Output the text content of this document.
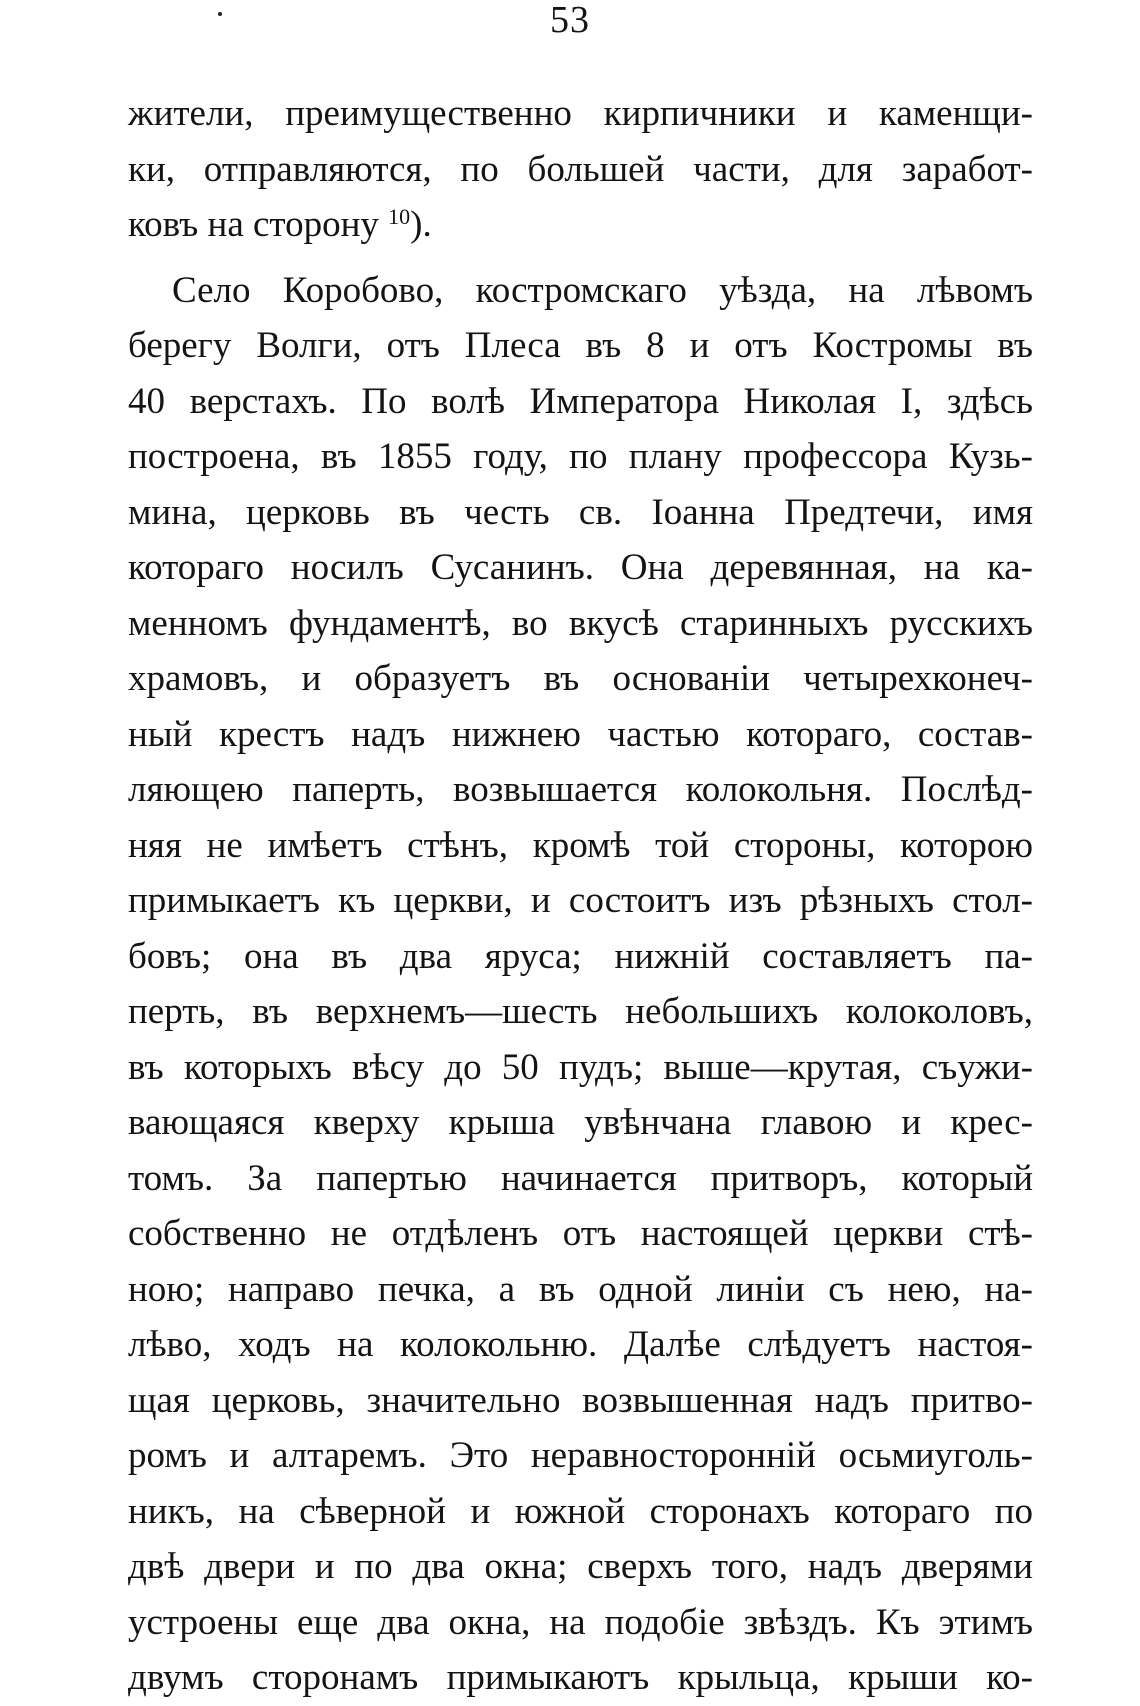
53
жители, преимущественно кирпичники и каменщи-
ки, отправляются, по большей части, для заработ-
ковъ на сторону $^{10}$).
Село Коробово, костромскаго уѣзда, на лѣвомъ
берегу Волги, отъ Плеса въ 8 и отъ Костромы въ
40 верстахъ. По волѣ Императора Николая I, здѣсь
построена, въ 1855 году, по плану профессора Кузь-
мина, церковь въ честь св. Іоанна Предтечи, имя
котораго носилъ Сусанинъ. Она деревянная, на ка-
менномъ фундаментѣ, во вкусѣ старинныхъ русскихъ
храмовъ, и образуетъ въ основаніи четырехконеч-
ный крестъ надъ нижнею частью котораго, состав-
ляющею паперть, возвышается колокольня. Послѣд-
няя не имѣетъ стѣнъ, кромѣ той стороны, которою
примыкаетъ къ церкви, и состоитъ изъ рѣзныхъ стол-
бовъ; она въ два яруса; нижній составляетъ па-
перть, въ верхнемъ—шесть небольшихъ колоколовъ,
въ которыхъ вѣсу до 50 пудъ; выше—крутая, съужи-
вающаяся кверху крыша увѣнчана главою и крес-
томъ. За папертью начинается притворъ, который
собственно не отдѣленъ отъ настоящей церкви стѣ-
ною; направо печка, а въ одной линіи съ нею, на-
лѣво, ходъ на колокольню. Далѣе слѣдуетъ настоя-
щая церковь, значительно возвышенная надъ притво-
ромъ и алтаремъ. Это неравносторонній осьмиуголь-
никъ, на сѣверной и южной сторонахъ котораго по
двѣ двери и по два окна; сверхъ того, надъ дверями
устроены еще два окна, на подобіе звѣздъ. Къ этимъ
двумъ сторонамъ примыкаютъ крыльца, крыши ко-
